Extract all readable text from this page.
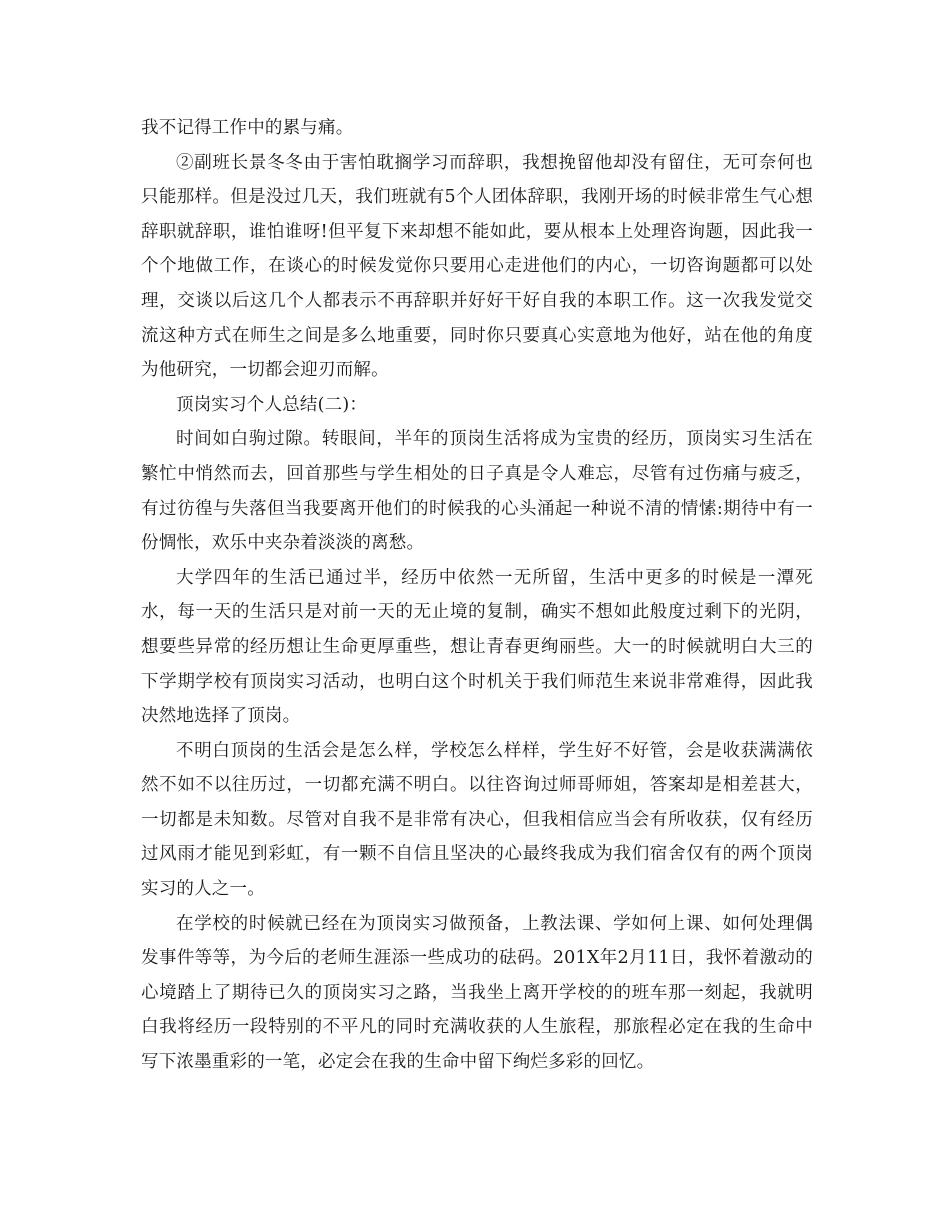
我不记得工作中的累与痛。

②副班长景冬冬由于害怕耽搁学习而辞职，我想挽留他却没有留住，无可奈何也只能那样。但是没过几天，我们班就有5个人团体辞职，我刚开场的时候非常生气心想辞职就辞职，谁怕谁呀!但平复下来却想不能如此，要从根本上处理咨询题，因此我一个个地做工作，在谈心的时候发觉你只要用心走进他们的内心，一切咨询题都可以处理，交谈以后这几个人都表示不再辞职并好好干好自我的本职工作。这一次我发觉交流这种方式在师生之间是多么地重要，同时你只要真心实意地为他好，站在他的角度为他研究，一切都会迎刃而解。

顶岗实习个人总结(二)：

时间如白驹过隙。转眼间，半年的顶岗生活将成为宝贵的经历，顶岗实习生活在繁忙中悄然而去，回首那些与学生相处的日子真是令人难忘，尽管有过伤痛与疲乏，有过彷徨与失落但当我要离开他们的时候我的心头涌起一种说不清的情愫:期待中有一份惆怅，欢乐中夹杂着淡淡的离愁。

大学四年的生活已通过半，经历中依然一无所留，生活中更多的时候是一潭死水，每一天的生活只是对前一天的无止境的复制，确实不想如此般度过剩下的光阴，想要些异常的经历想让生命更厚重些，想让青春更绚丽些。大一的时候就明白大三的下学期学校有顶岗实习活动，也明白这个时机关于我们师范生来说非常难得，因此我决然地选择了顶岗。

不明白顶岗的生活会是怎么样，学校怎么样样，学生好不好管，会是收获满满依然不如不以往历过，一切都充满不明白。以往咨询过师哥师姐，答案却是相差甚大，一切都是未知数。尽管对自我不是非常有决心，但我相信应当会有所收获，仅有经历过风雨才能见到彩虹，有一颗不自信且坚决的心最终我成为我们宿舍仅有的两个顶岗实习的人之一。

在学校的时候就已经在为顶岗实习做预备，上教法课、学如何上课、如何处理偶发事件等等，为今后的老师生涯添一些成功的砝码。201X年2月11日，我怀着激动的心境踏上了期待已久的顶岗实习之路，当我坐上离开学校的的班车那一刻起，我就明白我将经历一段特别的不平凡的同时充满收获的人生旅程，那旅程必定在我的生命中写下浓墨重彩的一笔，必定会在我的生命中留下绚烂多彩的回忆。
